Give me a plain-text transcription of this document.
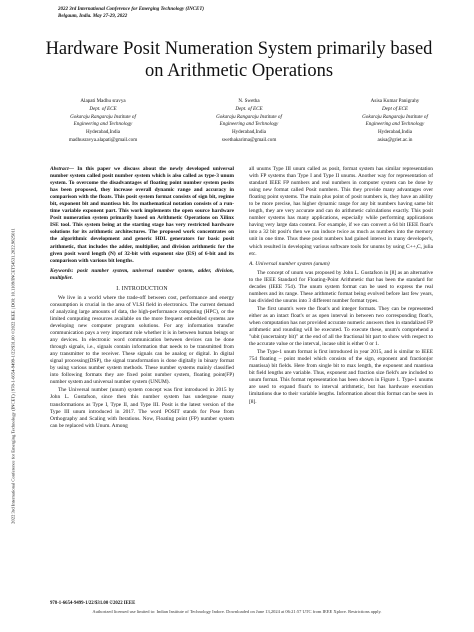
2022 3rd International Conference for Emerging Technology (INCET)
Belgaum, India. May 27-29, 2022
Hardware Posit Numeration System primarily based on Arithmetic Operations
Alapati Madhu sravya
Dept. of ECE
Gokaraju Rangaraju Institute of
Engineering and Technology
Hyderabad,India
madhusravya.alapati@gmail.com
N. Swetha
Dept. of ECE
Gokaraju Rangaraju Institute of
Engineering and Technology
Hyderabad,India
swethakarima@gmail.com
Asisa Kumar Panigrahy
Dept of ECE
Gokaraju Rangaraju Institute of
Engineering and Technology
Hyderabad,India
asisa@griet.ac.in
2022 3rd International Conference for Emerging Technology (INCET) | 978-1-6654-9499-1/22/$31.00 ©2022 IEEE | DOI: 10.1109/INCET54531.2022.9825011

Abstract— In this paper we discuss about the newly developed universal number system called posit number system which is also called as type-3 unum system. To overcome the disadvantages of floating point number system posits has been proposed, they increase overall dynamic range and accuracy in comparison with the floats. This posit system format consists of sign bit, regime bit, exponent bit and mantissa bit. Its mathematical notation consists of a run-time variable exponent part. This work implements the open source hardware Posit numeration system primarily based on Arithmetic Operations on Xilinx ISE tool. This system being at the starting stage has very restricted hardware solutions for its arithmetic architectures. The proposed work concentrates on the algorithmic development and generic HDL generators for basic posit arithmetic, that includes the adder, multiplier, and division arithmetic for the given posit word length (N) of 32-bit with exponent size (ES) of 6-bit and its comparison with various bit lengths.

Keywords: posit number system, universal number system, adder, division, multiplier.

I. INTRODUCTION

We live in a world where the trade-off between cost, performance and energy consumption is crucial in the area of VLSI field in electronics. The current demand of analyzing large amounts of data, the high-performance computing (HPC), or the limited computing resources available on the more frequent embedded systems are developing new computer program solutions. For any information transfer communication pays a very important role whether it is in between human beings or any devices. In electronic word communication between devices can be done through signals, i.e., signals contain information that needs to be transmitted from any transmitter to the receiver. These signals can be analog or digital. In digital signal processing(DSP), the signal transformation is done digitally in binary format by using various number system methods. These number systems mainly classified into following formats they are fixed point number system, floating point(FP) number system and universal number system (UNUM).

The Universal number (unum) system concept was first introduced in 2015 by John L. Gustafson, since then this number system has undergone many transformations as Type I, Type II, and Type III. Posit is the latest version of the Type III unum introduced in 2017. The word POSIT stands for Pose from Orthography and Scaling with Iterations. Now, Floating point (FP) number system can be replaced with Unum. Among

all unums Type III unum called as posit, format system has similar representation with FP systems than Type I and Type II unums. Another way for representation of standard IEEE FP numbers and real numbers in computer system can be done by using new format called Posit numbers. This they provide many advantages over floating point systems. The main plus point of posit numbers is, they have an ability to be more precise, has higher dynamic range for any bit numbers having same bit length, they are very accurate and can do arithmetic calculations exactly. This posit number systems has many applications, especially while performing applications having very large data content. For example, if we can convert a 64 bit IEEE float's into a 32 bit posit's then we can induce twice as much as numbers into the memory unit in one time. Thus these posit numbers had gained interest in many developer's, which resulted in developing various software tools for unums by using C++,C, julia etc.

A. Universal number system (unum)

The concept of unum was proposed by John L. Gustafson in [8] as an alternative to the IEEE Standard for Floating-Point Arithmetic that has been the standard for decades (IEEE 754). The unum system format can be used to express the real numbers and its range. These arithmetic format being evolved before last few years, has divided the unums into 3 different number format types.

The first unum's were the float's and integer formats. They can be represented either as an intact float's or as open interval in between two corresponding float's, when computation has not provided accurate numeric answers then in standalized FP arithmetic and rounding will be executed. To execute these, unum's comprehend a "ubit (uncertainty bit)" at the end of all the fractional bit part to show with respect to the accurate value or the interval, incase ubit is either 0 or 1.

The Type-1 unum format is first introduced in year 2015, and is similar to IEEE 754 floating – point model which consists of the sign, exponent and fraction(or mantissa) bit fields. Here from single bit to max length, the exponent and mantissa bit field lengths are variable. Thus, exponent and fraction size field's are included to unum format. This format representation has been shown in Figure 1. Type-1 unums are used to expand float's to interval arithmetic, but has hardware execution limitations due to their variable lengths. Information about this format can be seen in [8].

978-1-6654-9499-1/22/$31.00 ©2022 IEEE
Authorized licensed use limited to: Indian Institute of Technology Indore. Downloaded on June 13,2024 at 06:21:57 UTC from IEEE Xplore. Restrictions apply.
